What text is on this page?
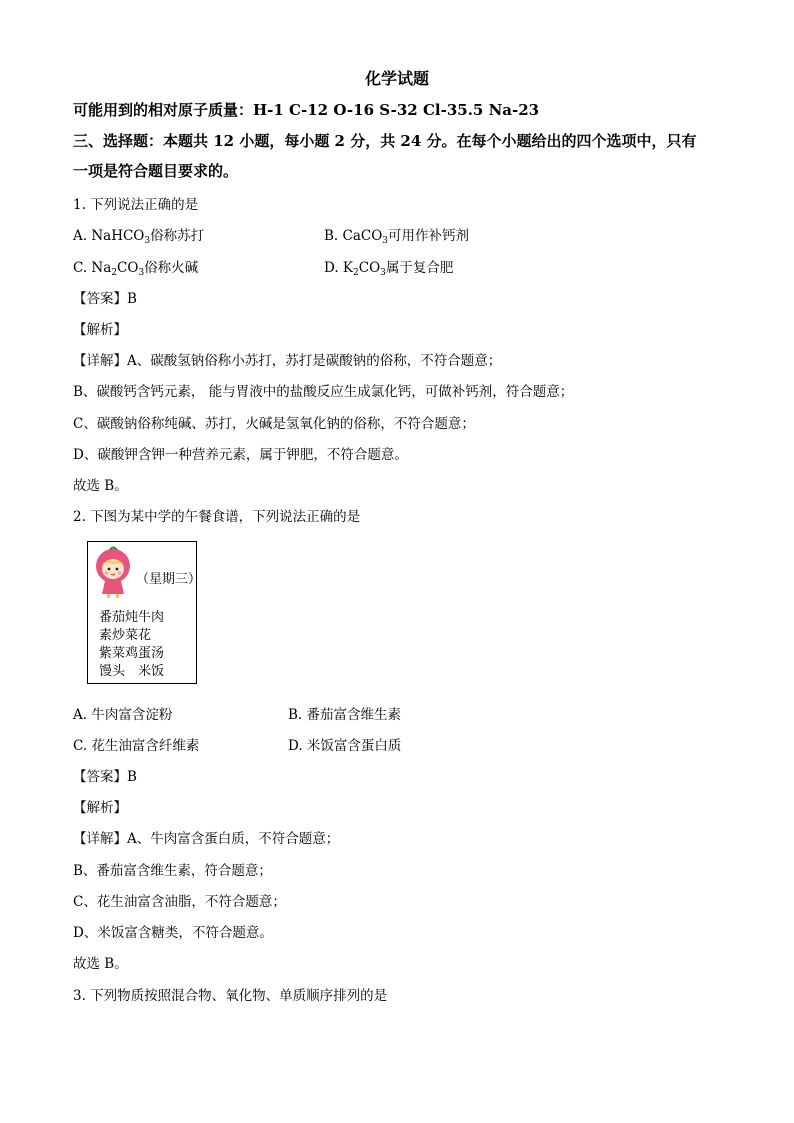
化学试题
可能用到的相对原子质量：H-1 C-12 O-16 S-32 Cl-35.5 Na-23
三、选择题：本题共 12 小题，每小题 2 分，共 24 分。在每个小题给出的四个选项中，只有
一项是符合题目要求的。
1. 下列说法正确的是
A. NaHCO$_3$俗称苏打	B. CaCO$_3$可用作补钙剂
C. $Na_2CO_3$俗称火碱	D. $K_2CO_3$属于复合肥
【答案】B
【解析】
【详解】A、碳酸氢钠俗称小苏打，苏打是碳酸钠的俗称，不符合题意；
B、碳酸钙含钙元素， 能与胃液中的盐酸反应生成氯化钙，可做补钙剂，符合题意；
C、碳酸钠俗称纯碱、苏打，火碱是氢氧化钠的俗称，不符合题意；
D、碳酸钾含钾一种营养元素，属于钾肥，不符合题意。
故选 B。
2. 下图为某中学的午餐食谱，下列说法正确的是
（星期三）
番茄炖牛肉
素炒菜花
紫菜鸡蛋汤
馒头　米饭
A. 牛肉富含淀粉	B. 番茄富含维生素
C. 花生油富含纤维素	D. 米饭富含蛋白质
【答案】B
【解析】
【详解】A、牛肉富含蛋白质，不符合题意；
B、番茄富含维生素，符合题意；
C、花生油富含油脂，不符合题意；
D、米饭富含糖类，不符合题意。
故选 B。
3. 下列物质按照混合物、氧化物、单质顺序排列的是
